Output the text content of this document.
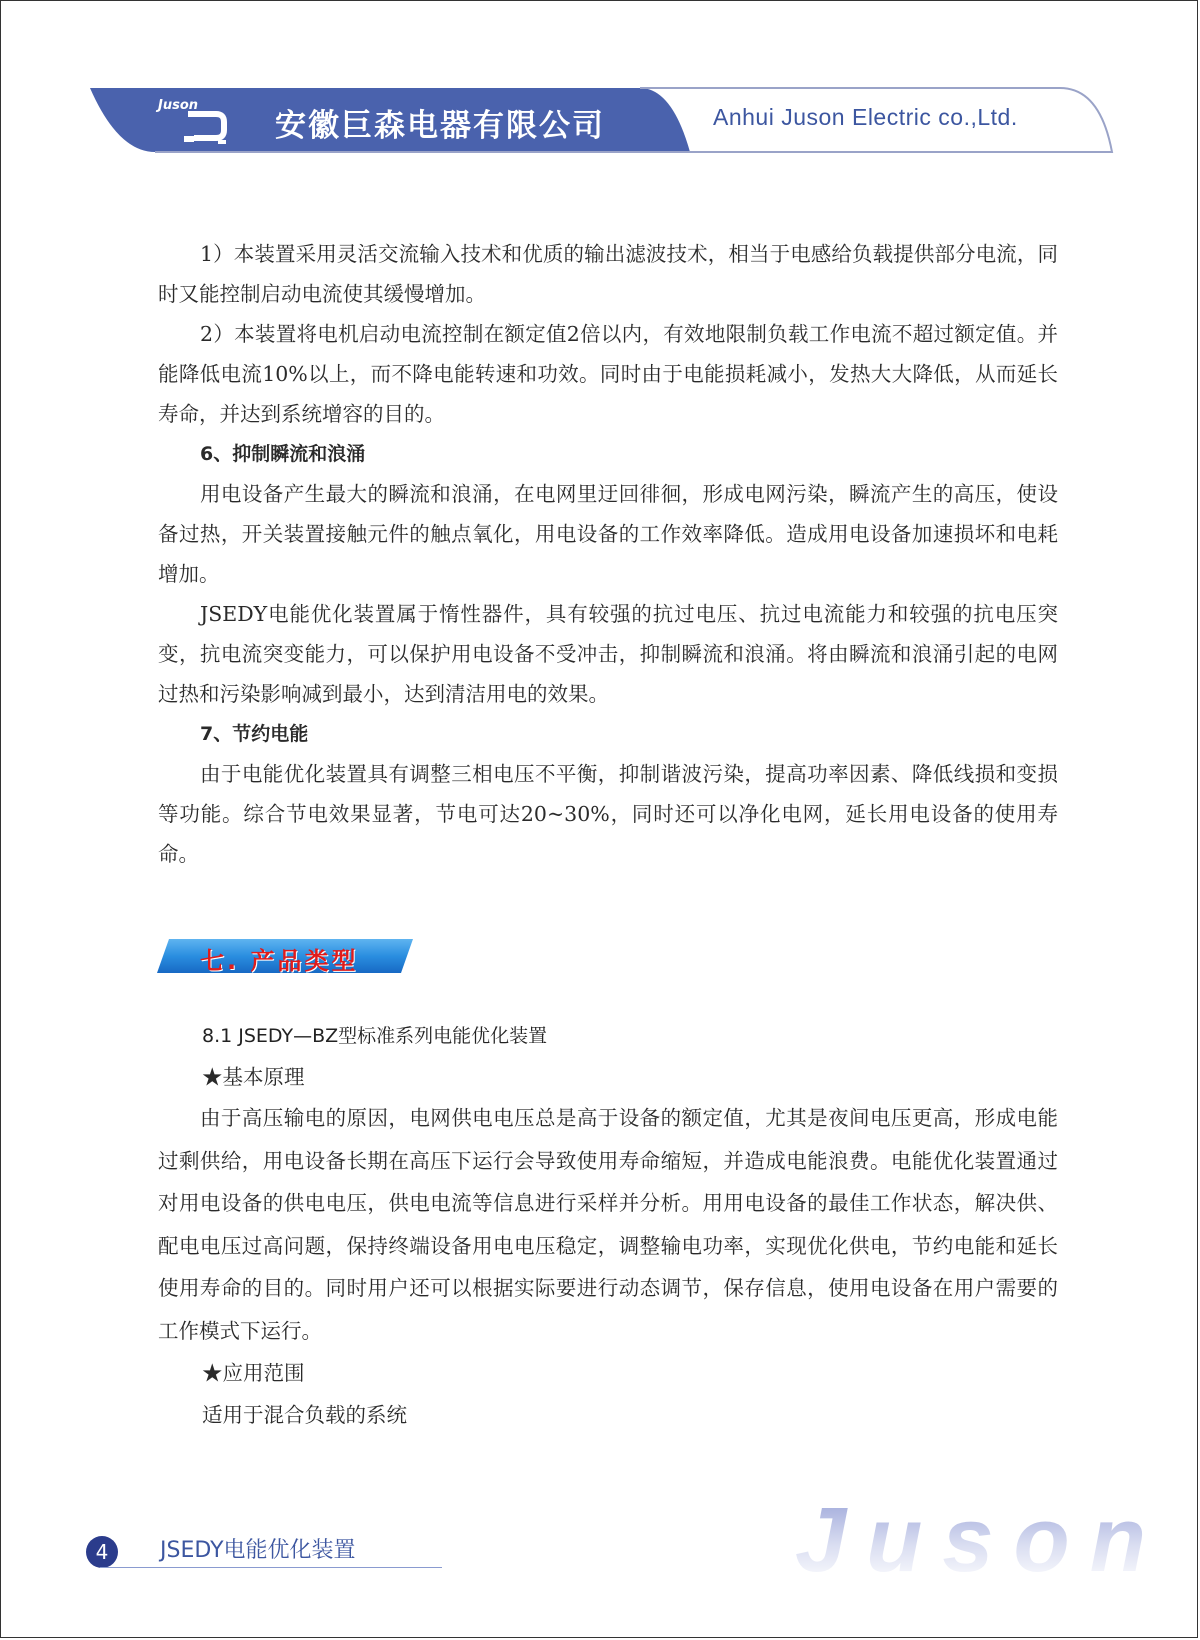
Juson
安徽巨森电器有限公司	Anhui Juson Electric co.,Ltd.

1）本装置采用灵活交流输入技术和优质的输出滤波技术，相当于电感给负载提供部分电流，同时又能控制启动电流使其缓慢增加。

2）本装置将电机启动电流控制在额定值2倍以内，有效地限制负载工作电流不超过额定值。并能降低电流10%以上，而不降电能转速和功效。同时由于电能损耗减小，发热大大降低，从而延长寿命，并达到系统增容的目的。

6、抑制瞬流和浪涌

用电设备产生最大的瞬流和浪涌，在电网里迂回徘徊，形成电网污染，瞬流产生的高压，使设备过热，开关装置接触元件的触点氧化，用电设备的工作效率降低。造成用电设备加速损坏和电耗增加。

JSEDY电能优化装置属于惰性器件，具有较强的抗过电压、抗过电流能力和较强的抗电压突变，抗电流突变能力，可以保护用电设备不受冲击，抑制瞬流和浪涌。将由瞬流和浪涌引起的电网过热和污染影响减到最小，达到清洁用电的效果。

7、节约电能

由于电能优化装置具有调整三相电压不平衡，抑制谐波污染，提高功率因素、降低线损和变损等功能。综合节电效果显著，节电可达20~30%，同时还可以净化电网，延长用电设备的使用寿命。

七. 产品类型

8.1 JSEDY—BZ型标准系列电能优化装置

★基本原理

由于高压输电的原因，电网供电电压总是高于设备的额定值，尤其是夜间电压更高，形成电能过剩供给，用电设备长期在高压下运行会导致使用寿命缩短，并造成电能浪费。电能优化装置通过对用电设备的供电电压，供电电流等信息进行采样并分析。用用电设备的最佳工作状态，解决供、配电电压过高问题，保持终端设备用电电压稳定，调整输电功率，实现优化供电，节约电能和延长使用寿命的目的。同时用户还可以根据实际要进行动态调节，保存信息，使用电设备在用户需要的工作模式下运行。

★应用范围

适用于混合负载的系统

4	JSEDY电能优化装置	Juson
